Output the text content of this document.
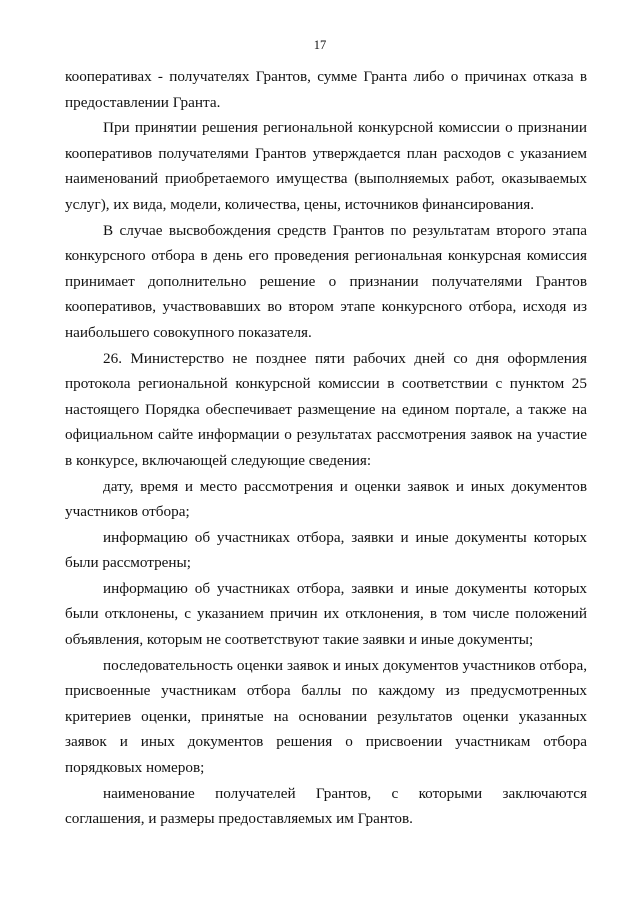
17

кооперативах - получателях Грантов, сумме Гранта либо о причинах отказа в предоставлении Гранта.

При принятии решения региональной конкурсной комиссии о признании кооперативов получателями Грантов утверждается план расходов с указанием наименований приобретаемого имущества (выполняемых работ, оказываемых услуг), их вида, модели, количества, цены, источников финансирования.

В случае высвобождения средств Грантов по результатам второго этапа конкурсного отбора в день его проведения региональная конкурсная комиссия принимает дополнительно решение о признании получателями Грантов кооперативов, участвовавших во втором этапе конкурсного отбора, исходя из наибольшего совокупного показателя.

26. Министерство не позднее пяти рабочих дней со дня оформления протокола региональной конкурсной комиссии в соответствии с пунктом 25 настоящего Порядка обеспечивает размещение на едином портале, а также на официальном сайте информации о результатах рассмотрения заявок на участие в конкурсе, включающей следующие сведения:

дату, время и место рассмотрения и оценки заявок и иных документов участников отбора;

информацию об участниках отбора, заявки и иные документы которых были рассмотрены;

информацию об участниках отбора, заявки и иные документы которых были отклонены, с указанием причин их отклонения, в том числе положений объявления, которым не соответствуют такие заявки и иные документы;

последовательность оценки заявок и иных документов участников отбора, присвоенные участникам отбора баллы по каждому из предусмотренных критериев оценки, принятые на основании результатов оценки указанных заявок и иных документов решения о присвоении участникам отбора порядковых номеров;

наименование получателей Грантов, с которыми заключаются соглашения, и размеры предоставляемых им Грантов.
